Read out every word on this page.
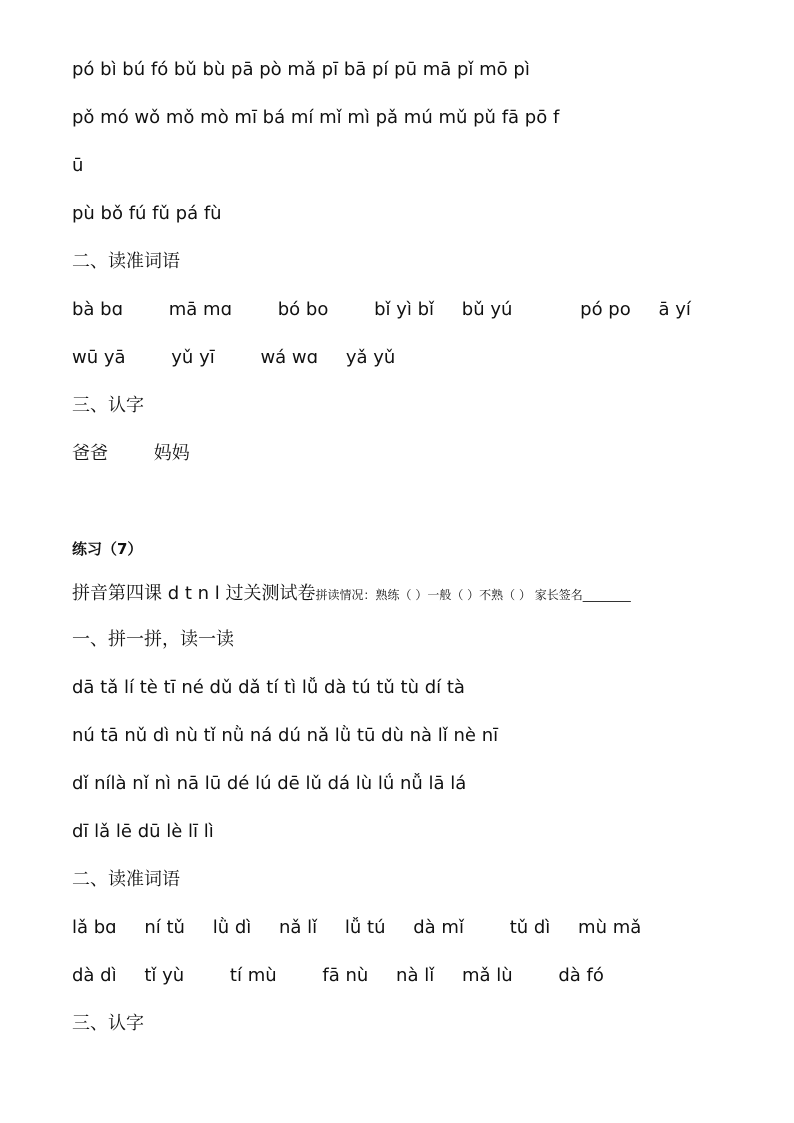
pó bì bú fó bǔ bù pā pò mǎ pī bā pí pū mā pǐ mō pì
pǒ mó wǒ mǒ mò mī bá mí mǐ mì pǎ mú mǔ pǔ fā pō f
ū
pù bǒ fú fǔ pá fù
二、读准词语
bà bɑ	mā mɑ	bó bo	bǐ yì bǐ bǔ yú	pó po ā yí
wū yā	yǔ yī	wá wɑ yǎ yǔ
三、认字
爸爸	妈妈
练习（7）
拼音第四课 d t n l 过关测试卷拼读情况：熟练（ ）一般（ ）不熟（ ） 家长签名________
一、拼一拼，读一读
dā tǎ lí tè tī né dǔ dǎ tí tì lǚ dà tú tǔ tù dí tà
nú tā nǔ dì nù tǐ nǜ ná dú nǎ lǜ tū dù nà lǐ nè nī
dǐ nílà nǐ nì nā lū dé lú dē lǔ dá lù lǘ nǚ lā lá
dī lǎ lē dū lè lī lì
二、读准词语
lǎ bɑ ní tǔ lǜ dì nǎ lǐ lǚ tú dà mǐ	tǔ dì mù mǎ
dà dì tǐ yù	tí mù	fā nù nà lǐ mǎ lù	dà fó
三、认字
